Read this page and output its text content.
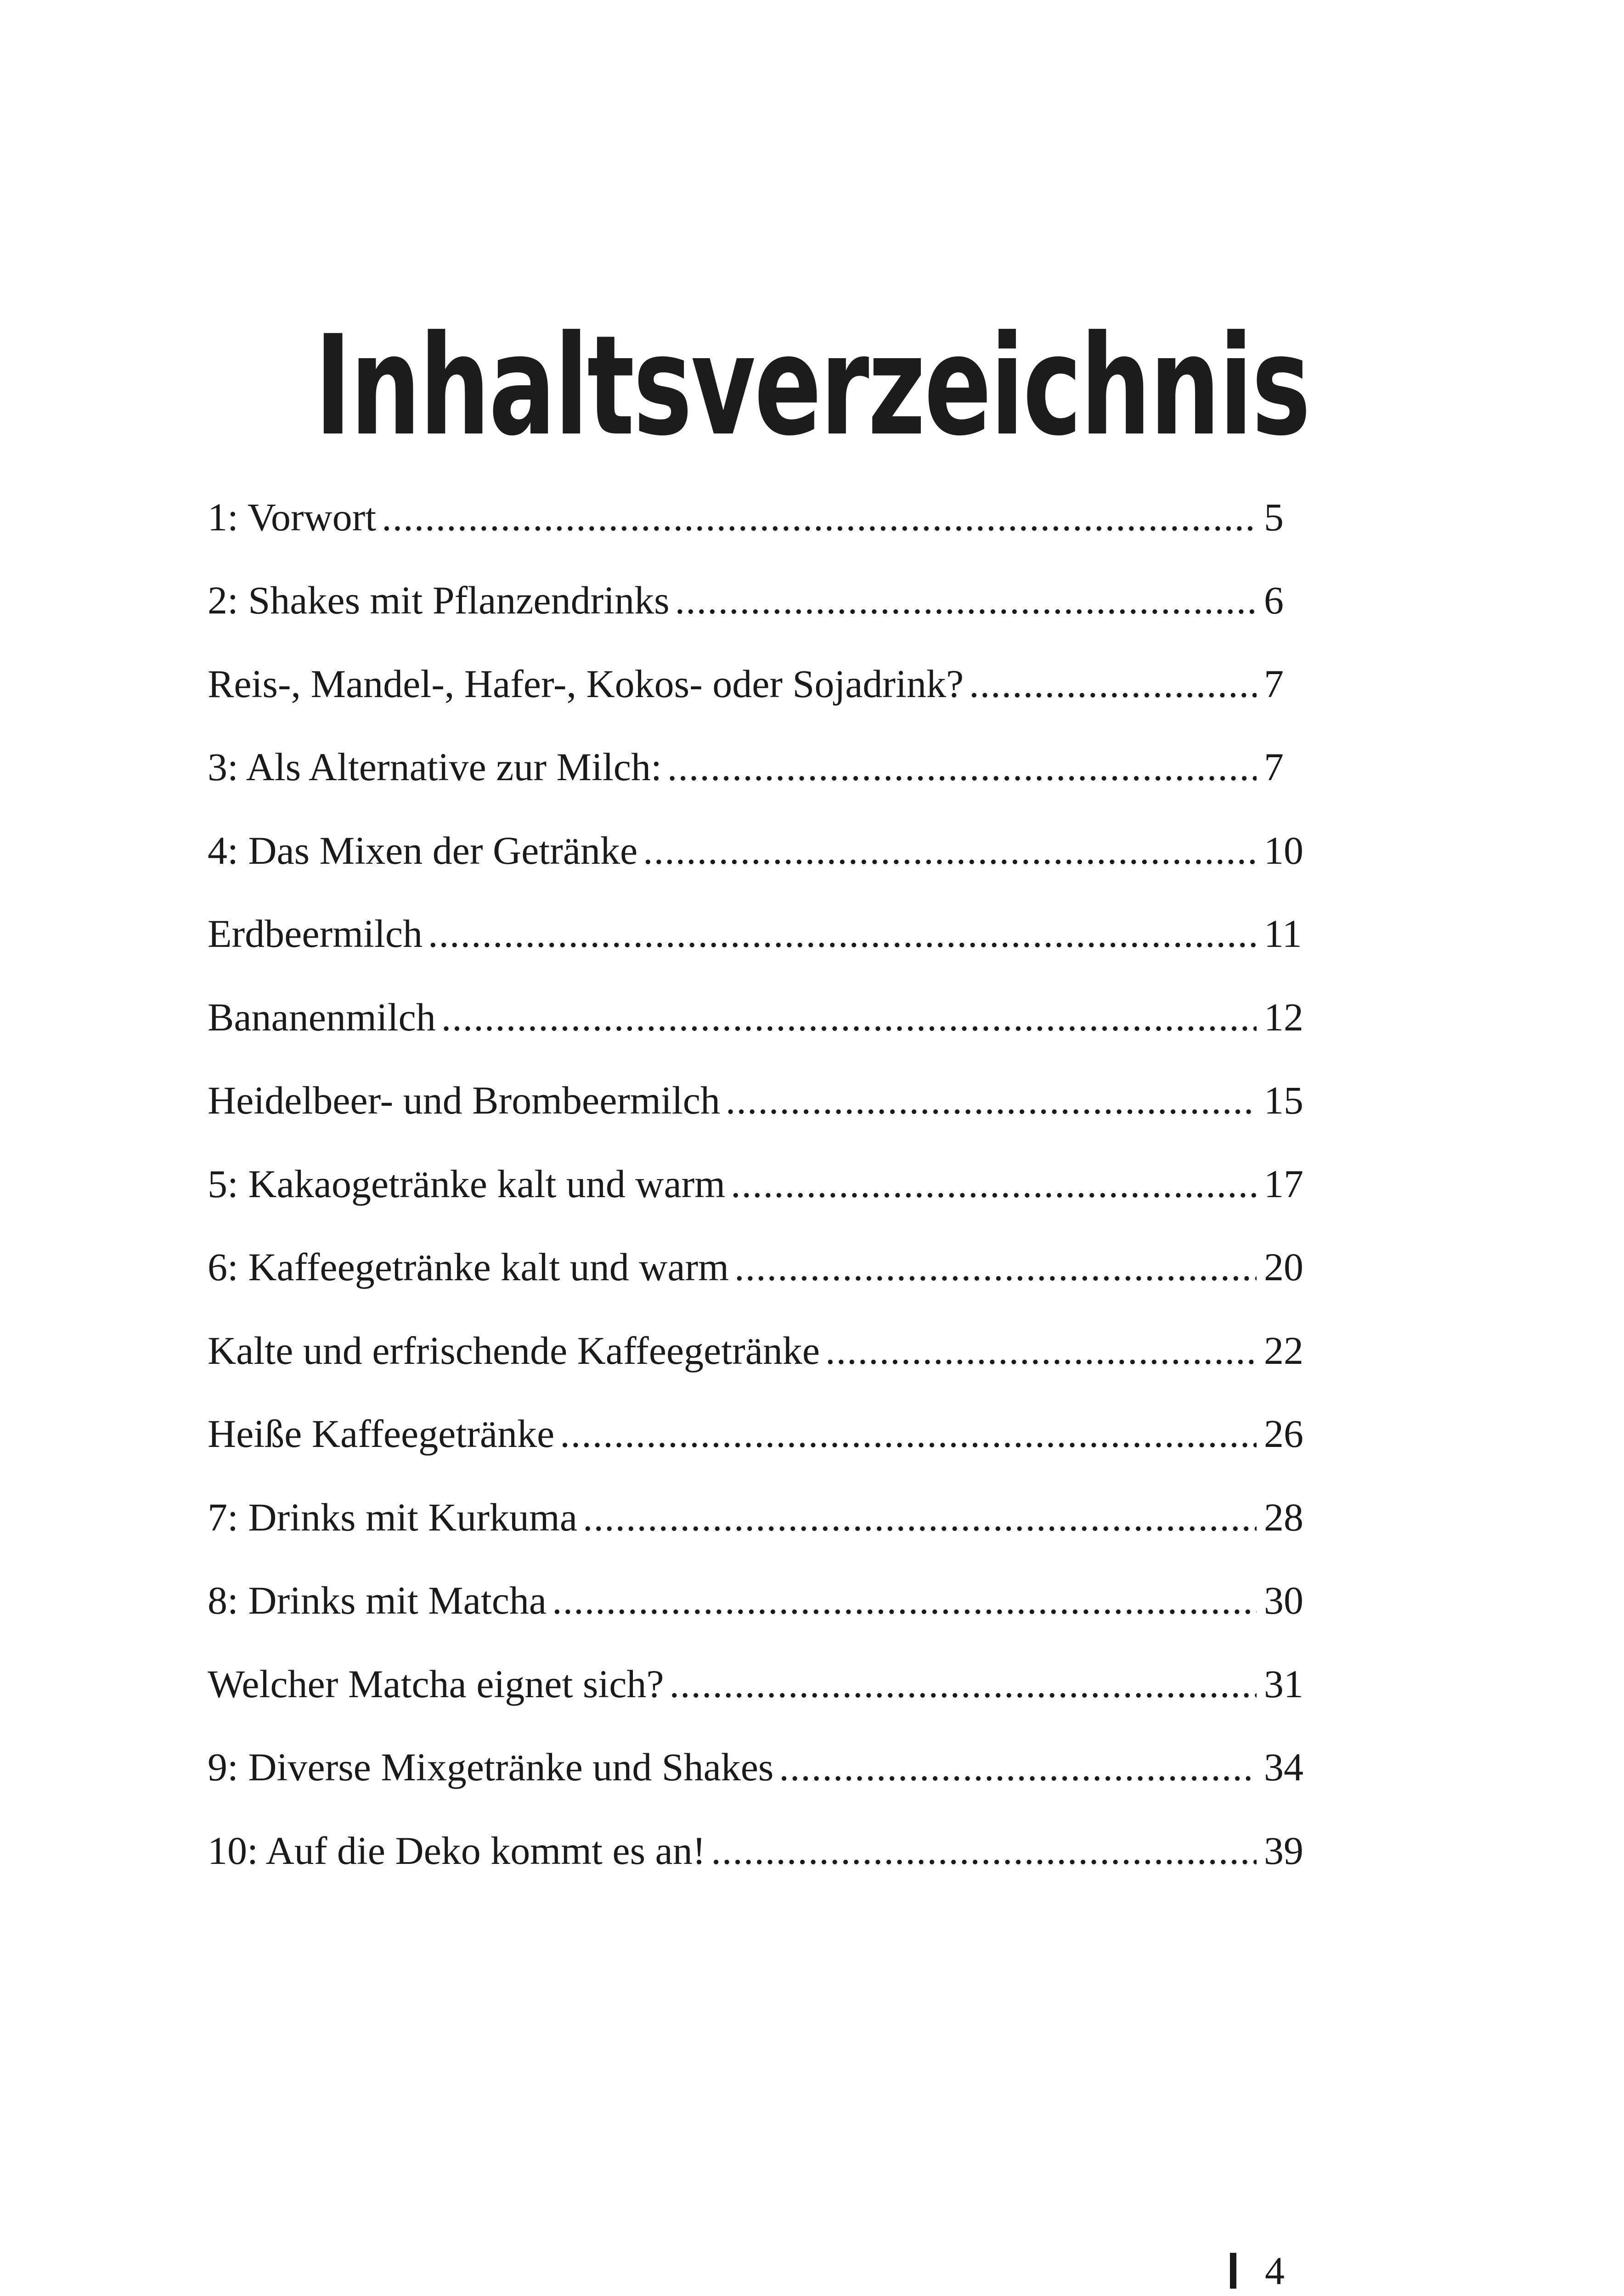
Inhaltsverzeichnis
1: Vorwort .....	5
2: Shakes mit Pflanzendrinks .....	6
Reis-, Mandel-, Hafer-, Kokos- oder Sojadrink? .....	7
3: Als Alternative zur Milch: .....	7
4: Das Mixen der Getränke .....	10
Erdbeermilch .....	11
Bananenmilch .....	12
Heidelbeer- und Brombeermilch .....	15
5: Kakaogetränke kalt und warm .....	17
6: Kaffeegetränke kalt und warm .....	20
Kalte und erfrischende Kaffeegetränke .....	22
Heiße Kaffeegetränke .....	26
7: Drinks mit Kurkuma .....	28
8: Drinks mit Matcha .....	30
Welcher Matcha eignet sich? .....	31
9: Diverse Mixgetränke und Shakes .....	34
10: Auf die Deko kommt es an! .....	39
4
